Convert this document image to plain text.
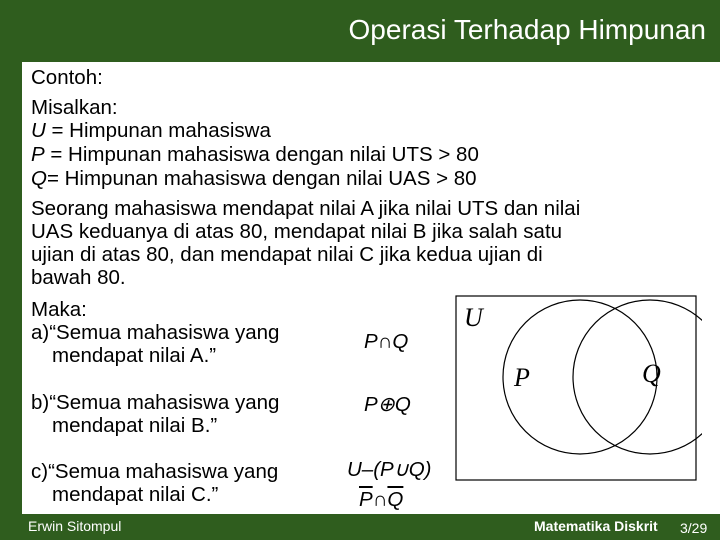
Operasi Terhadap Himpunan
Contoh:
Misalkan:
U = Himpunan mahasiswa
P = Himpunan mahasiswa dengan nilai UTS > 80
Q= Himpunan mahasiswa dengan nilai UAS > 80
Seorang mahasiswa mendapat nilai A jika nilai UTS dan nilai
UAS keduanya di atas 80, mendapat nilai B jika salah satu
ujian di atas 80, dan mendapat nilai C jika kedua ujian di
bawah 80.
Maka:
a)“Semua mahasiswa yang
mendapat nilai A.”
P∩Q
b)“Semua mahasiswa yang
mendapat nilai B.”
P⊕Q
c)“Semua mahasiswa yang
mendapat nilai C.”
U–(P∪Q)
$\overline{P}\cap\overline{Q}$
U
P	Q
Erwin Sitompul	Matematika Diskrit 3/29
